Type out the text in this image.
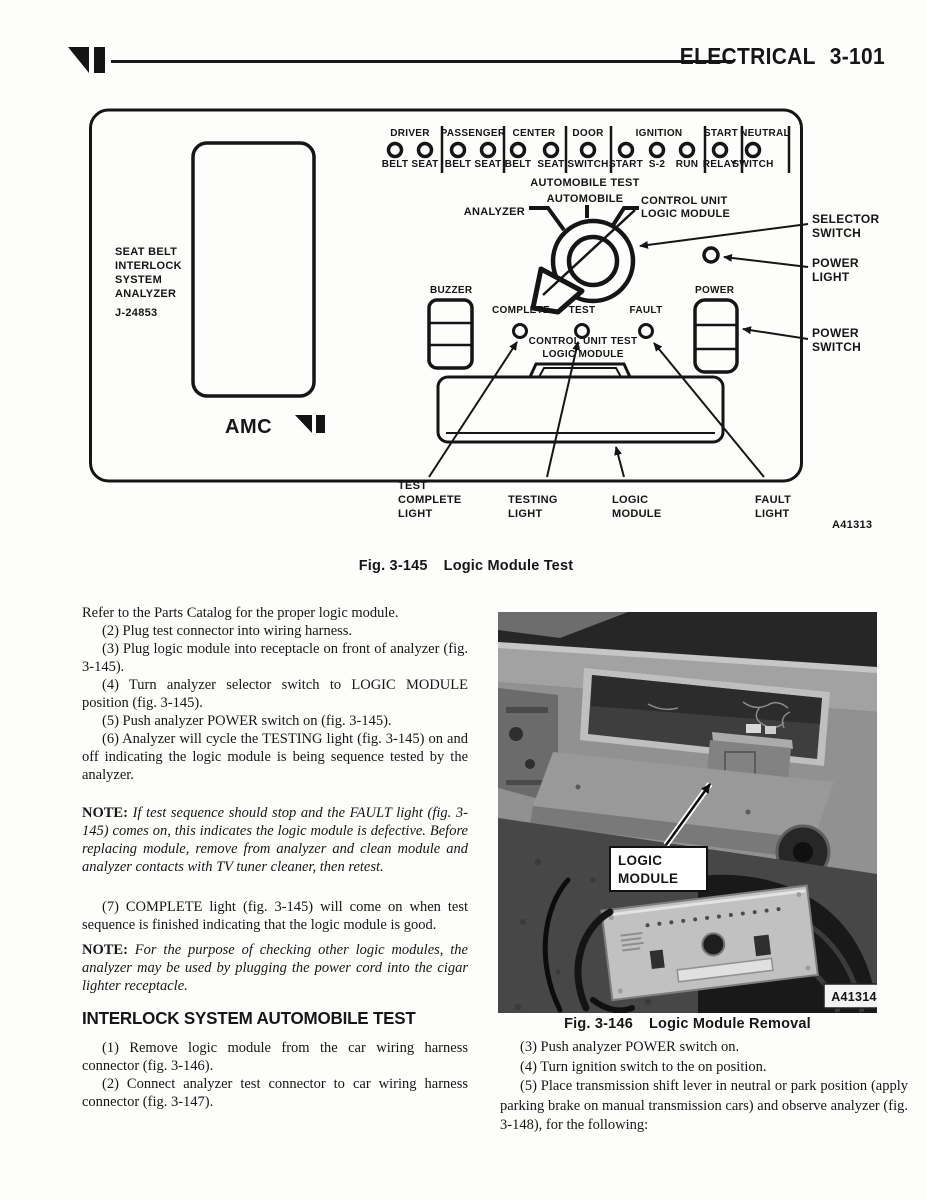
ELECTRICAL 3-101
SEAT BELT
INTERLOCK
SYSTEM
ANALYZER
J-24853
AMC
DRIVER
BELT SEAT
PASSENGER
BELT SEAT
CENTER
BELT SEAT
DOOR
SWITCH
IGNITION
START S-2 RUN
START
RELAY
NEUTRAL
SWITCH
AUTOMOBILE TEST
AUTOMOBILE
ANALYZER
CONTROL UNIT
LOGIC MODULE
BUZZER
COMPLETE TEST	FAULT
CONTROL UNIT TEST
LOGIC MODULE
POWER
SELECTOR
SWITCH
POWER
LIGHT
POWER
SWITCH
TEST
COMPLETE
LIGHT
TESTING
LIGHT
LOGIC
MODULE
FAULT
LIGHT
A41313
Fig. 3-145 Logic Module Test

Refer to the Parts Catalog for the proper logic module.

(2) Plug test connector into wiring harness.

(3) Plug logic module into receptacle on front of analyzer (fig. 3-145).

(4) Turn analyzer selector switch to LOGIC MODULE position (fig. 3-145).

(5) Push analyzer POWER switch on (fig. 3-145).

(6) Analyzer will cycle the TESTING light (fig. 3-145) on and off indicating the logic module is being sequence tested by the analyzer.

NOTE: If test sequence should stop and the FAULT light (fig. 3-145) comes on, this indicates the logic module is defective. Before replacing module, remove from analyzer and clean module and analyzer contacts with TV tuner cleaner, then retest.

(7) COMPLETE light (fig. 3-145) will come on when test sequence is finished indicating that the logic module is good.

NOTE: For the purpose of checking other logic modules, the analyzer may be used by plugging the power cord into the cigar lighter receptacle.

INTERLOCK SYSTEM AUTOMOBILE TEST

(1) Remove logic module from the car wiring harness connector (fig. 3-146).

(2) Connect analyzer test connector to car wiring harness connector (fig. 3-147).

LOGIC
MODULE
A41314
Fig. 3-146 Logic Module Removal

(3) Push analyzer POWER switch on.

(4) Turn ignition switch to the on position.

(5) Place transmission shift lever in neutral or park position (apply parking brake on manual transmission cars) and observe analyzer (fig. 3-148), for the following:
